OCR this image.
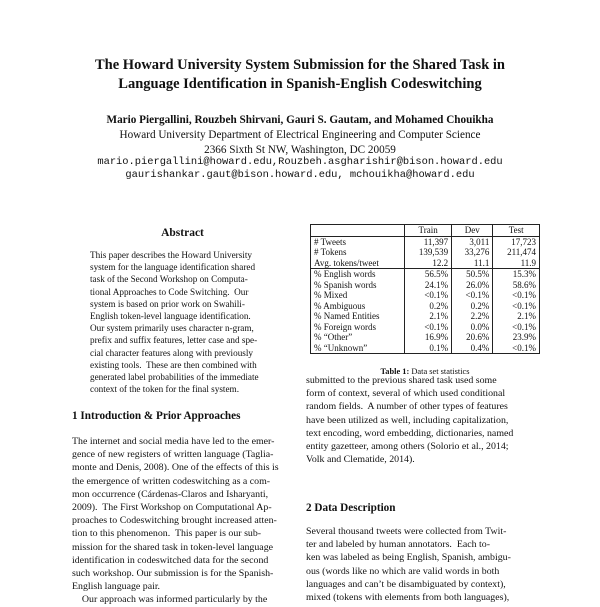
The Howard University System Submission for the Shared Task in
Language Identification in Spanish-English Codeswitching
Mario Piergallini, Rouzbeh Shirvani, Gauri S. Gautam, and Mohamed Chouikha
Howard University Department of Electrical Engineering and Computer Science
2366 Sixth St NW, Washington, DC 20059
mario.piergallini@howard.edu,Rouzbeh.asgharishir@bison.howard.edu
gaurishankar.gaut@bison.howard.edu, mchouikha@howard.edu
Abstract
This paper describes the Howard University
system for the language identification shared
task of the Second Workshop on Computa-
tional Approaches to Code Switching.  Our
system is based on prior work on Swahili-
English token-level language identification.
Our system primarily uses character n-gram,
prefix and suffix features, letter case and spe-
cial character features along with previously
existing tools.  These are then combined with
generated label probabilities of the immediate
context of the token for the final system.
	Train	Dev	Test
# Tweets	11,397	3,011	17,723
# Tokens	139,539	33,276	211,474
Avg. tokens/tweet	12.2	11.1	11.9
% English words	56.5%	50.5%	15.3%
% Spanish words	24.1%	26.0%	58.6%
% Mixed	<0.1%	<0.1%	<0.1%
% Ambiguous	0.2%	0.2%	<0.1%
% Named Entities	2.1%	2.2%	2.1%
% Foreign words	<0.1%	0.0%	<0.1%
% “Other”	16.9%	20.6%	23.9%
% “Unknown”	0.1%	0.4%	<0.1%
Table 1: Data set statistics
1 Introduction & Prior Approaches
The internet and social media have led to the emer-
gence of new registers of written language (Taglia-
monte and Denis, 2008). One of the effects of this is
the emergence of written codeswitching as a com-
mon occurrence (Cárdenas-Claros and Isharyanti,
2009).  The First Workshop on Computational Ap-
proaches to Codeswitching brought increased atten-
tion to this phenomenon.  This paper is our sub-
mission for the shared task in token-level language
identification in codeswitched data for the second
such workshop. Our submission is for the Spanish-
English language pair.
Our approach was informed particularly by the
submitted to the previous shared task used some
form of context, several of which used conditional
random fields.  A number of other types of features
have been utilized as well, including capitalization,
text encoding, word embedding, dictionaries, named
entity gazetteer, among others (Solorio et al., 2014;
Volk and Clematide, 2014).
2 Data Description
Several thousand tweets were collected from Twit-
ter and labeled by human annotators.  Each to-
ken was labeled as being English, Spanish, ambigu-
ous (words like no which are valid words in both
languages and can’t be disambiguated by context),
mixed (tokens with elements from both languages),
